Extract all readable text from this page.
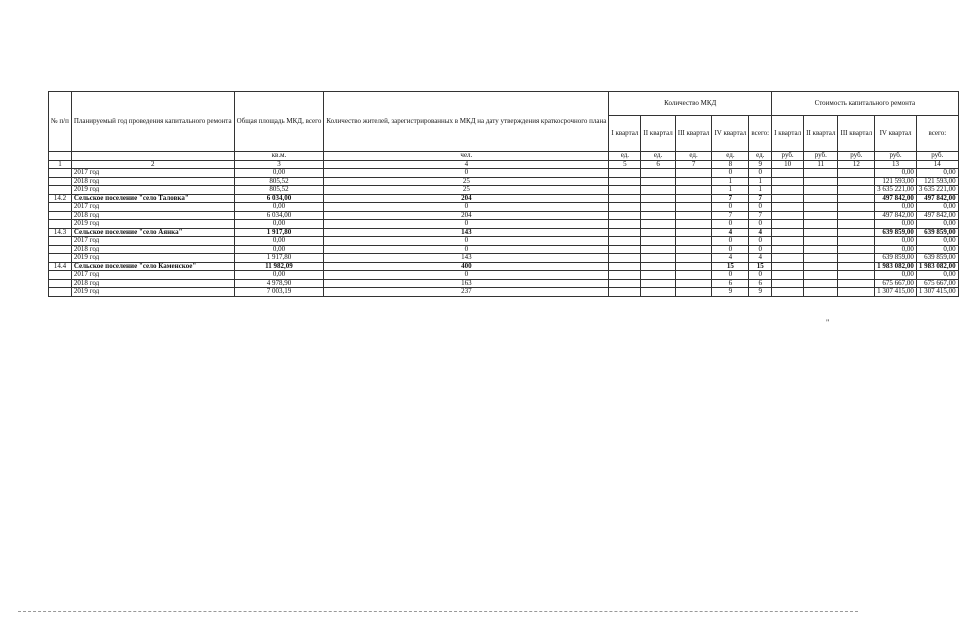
№ п/п	Планируемый год проведения капитального ремонта	Общая площадь МКД, всего	Количество жителей, зарегистрированных в МКД на дату утверждения краткосрочного плана	Количество МКД					Стоимость капитального ремонта				
				I квартал	II квартал	III квартал	IV квартал	всего:	I квартал	II квартал	III квартал	IV квартал	всего:
		кв.м.	чел.	ед.	ед.	ед.	ед.	ед.	руб.	руб.	руб.	руб.	руб.
1	2	3	4	5	6	7	8	9	10	11	12	13	14
	2017 год	0,00	0				0	0				0,00	0,00
	2018 год	805,52	25				1	1				121 593,00	121 593,00
	2019 год	805,52	25				1	1				3 635 221,00	3 635 221,00
14.2	Сельское поселение "село Таловка"	6 034,00	204				7	7				497 842,00	497 842,00
	2017 год	0,00	0				0	0				0,00	0,00
	2018 год	6 034,00	204				7	7				497 842,00	497 842,00
	2019 год	0,00	0				0	0				0,00	0,00
14.3	Сельское поселение "село Аянка"	1 917,80	143				4	4				639 859,00	639 859,00
	2017 год	0,00	0				0	0				0,00	0,00
	2018 год	0,00	0				0	0				0,00	0,00
	2019 год	1 917,80	143				4	4				639 859,00	639 859,00
14.4	Сельское поселение "село Каменское"	11 982,09	400				15	15				1 983 082,00	1 983 082,00
	2017 год	0,00	0				0	0				0,00	0,00
	2018 год	4 978,90	163				6	6				675 667,00	675 667,00
	2019 год	7 003,19	237				9	9				1 307 415,00	1 307 415,00
"
